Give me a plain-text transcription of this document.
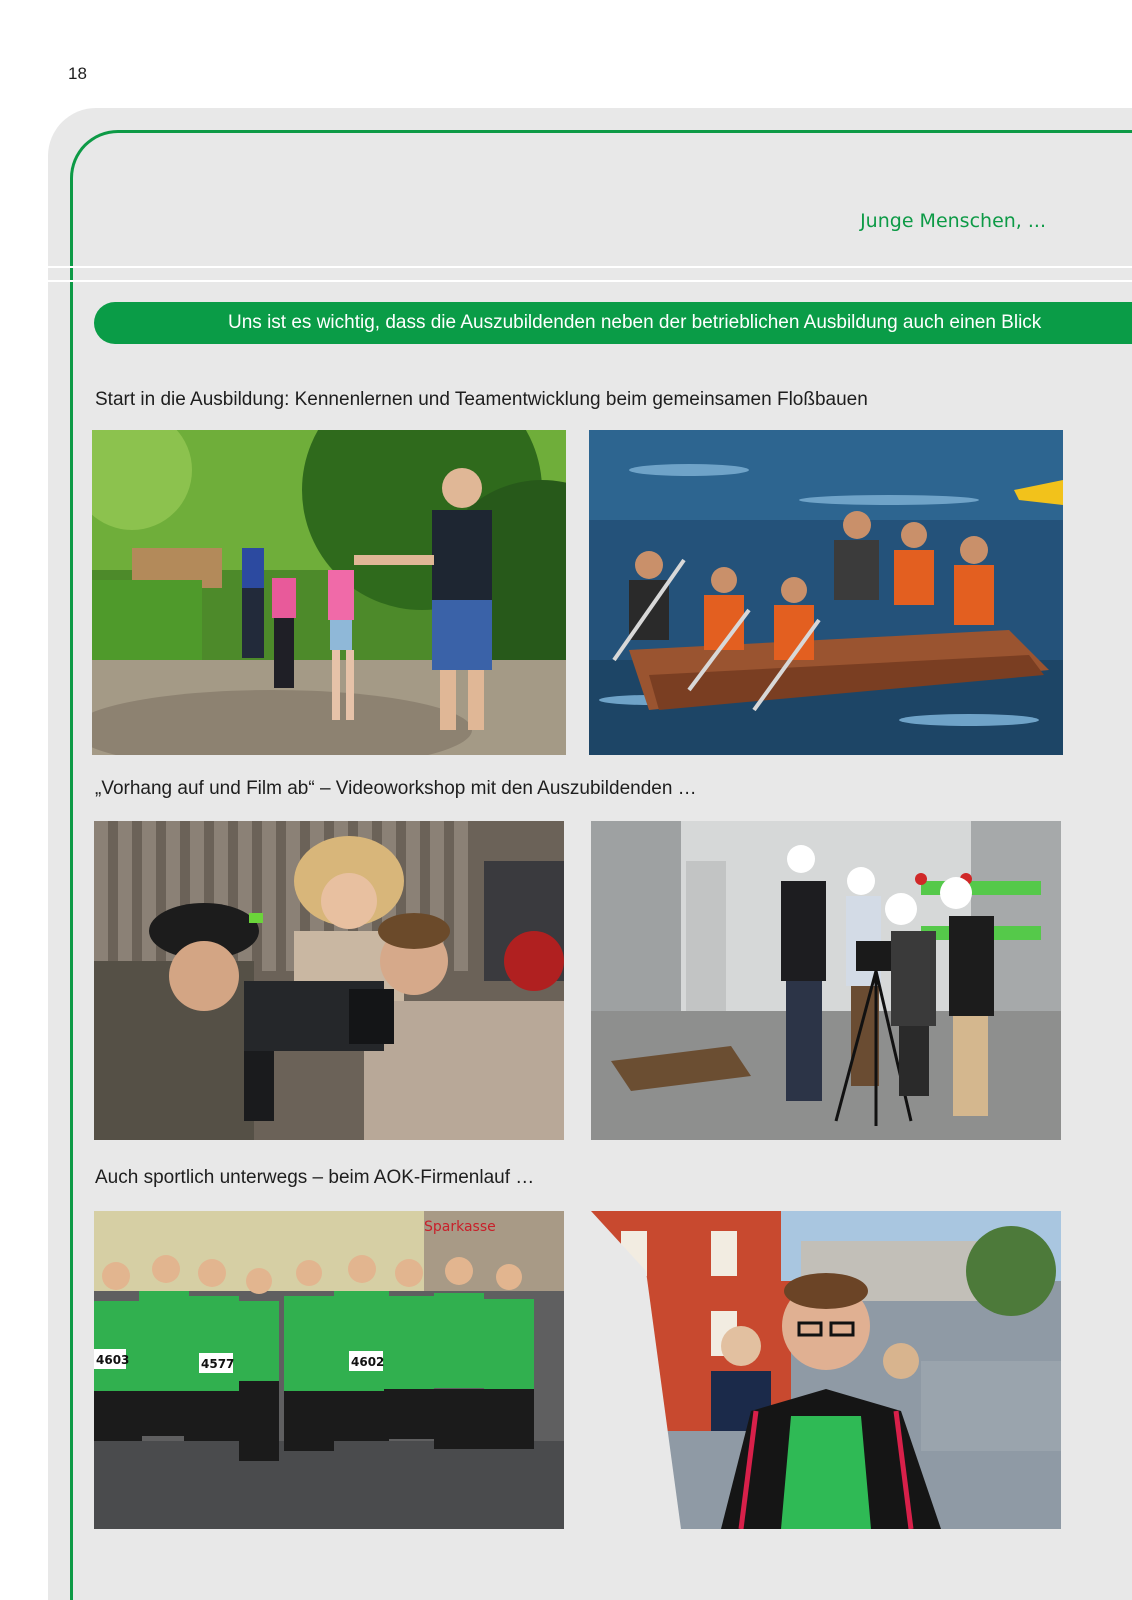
18
Junge Menschen, ...
Uns ist es wichtig, dass die Auszubildenden neben der betrieblichen Ausbildung auch einen Blick
Start in die Ausbildung: Kennenlernen und Teamentwicklung beim gemeinsamen Floßbauen
„Vorhang auf und Film ab“ – Videoworkshop mit den Auszubildenden …
Auch sportlich unterwegs – beim AOK-Firmenlauf …
Sparkasse
4603	4577	4602
